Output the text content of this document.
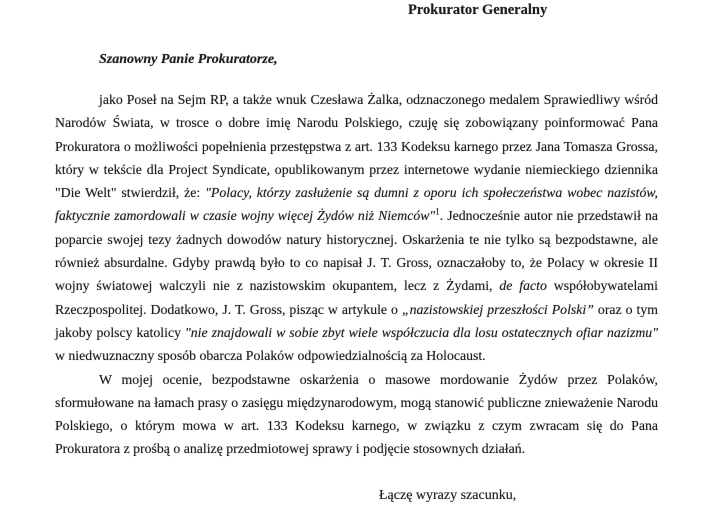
Prokurator Generalny
Szanowny Panie Prokuratorze,

jako Poseł na Sejm RP, a także wnuk Czesława Żalka, odznaczonego medalem Sprawiedliwy wśród Narodów Świata, w trosce o dobre imię Narodu Polskiego, czuję się zobowiązany poinformować Pana Prokuratora o możliwości popełnienia przestępstwa z art. 133 Kodeksu karnego przez Jana Tomasza Grossa, który w tekście dla Project Syndicate, opublikowanym przez internetowe wydanie niemieckiego dziennika "Die Welt" stwierdził, że: "Polacy, którzy zasłużenie są dumni z oporu ich społeczeństwa wobec nazistów, faktycznie zamordowali w czasie wojny więcej Żydów niż Niemców"$^1$. Jednocześnie autor nie przedstawił na poparcie swojej tezy żadnych dowodów natury historycznej. Oskarżenia te nie tylko są bezpodstawne, ale również absurdalne. Gdyby prawdą było to co napisał J. T. Gross, oznaczałoby to, że Polacy w okresie II wojny światowej walczyli nie z nazistowskim okupantem, lecz z Żydami, de facto współobywatelami Rzeczpospolitej. Dodatkowo, J. T. Gross, pisząc w artykule o „nazistowskiej przeszłości Polski” oraz o tym jakoby polscy katolicy "nie znajdowali w sobie zbyt wiele współczucia dla losu ostatecznych ofiar nazizmu" w niedwuznaczny sposób obarcza Polaków odpowiedzialnością za Holocaust.

W mojej ocenie, bezpodstawne oskarżenia o masowe mordowanie Żydów przez Polaków, sformułowane na łamach prasy o zasięgu międzynarodowym, mogą stanowić publiczne znieważenie Narodu Polskiego, o którym mowa w art. 133 Kodeksu karnego, w związku z czym zwracam się do Pana Prokuratora z prośbą o analizę przedmiotowej sprawy i podjęcie stosownych działań.

Łączę wyrazy szacunku,
